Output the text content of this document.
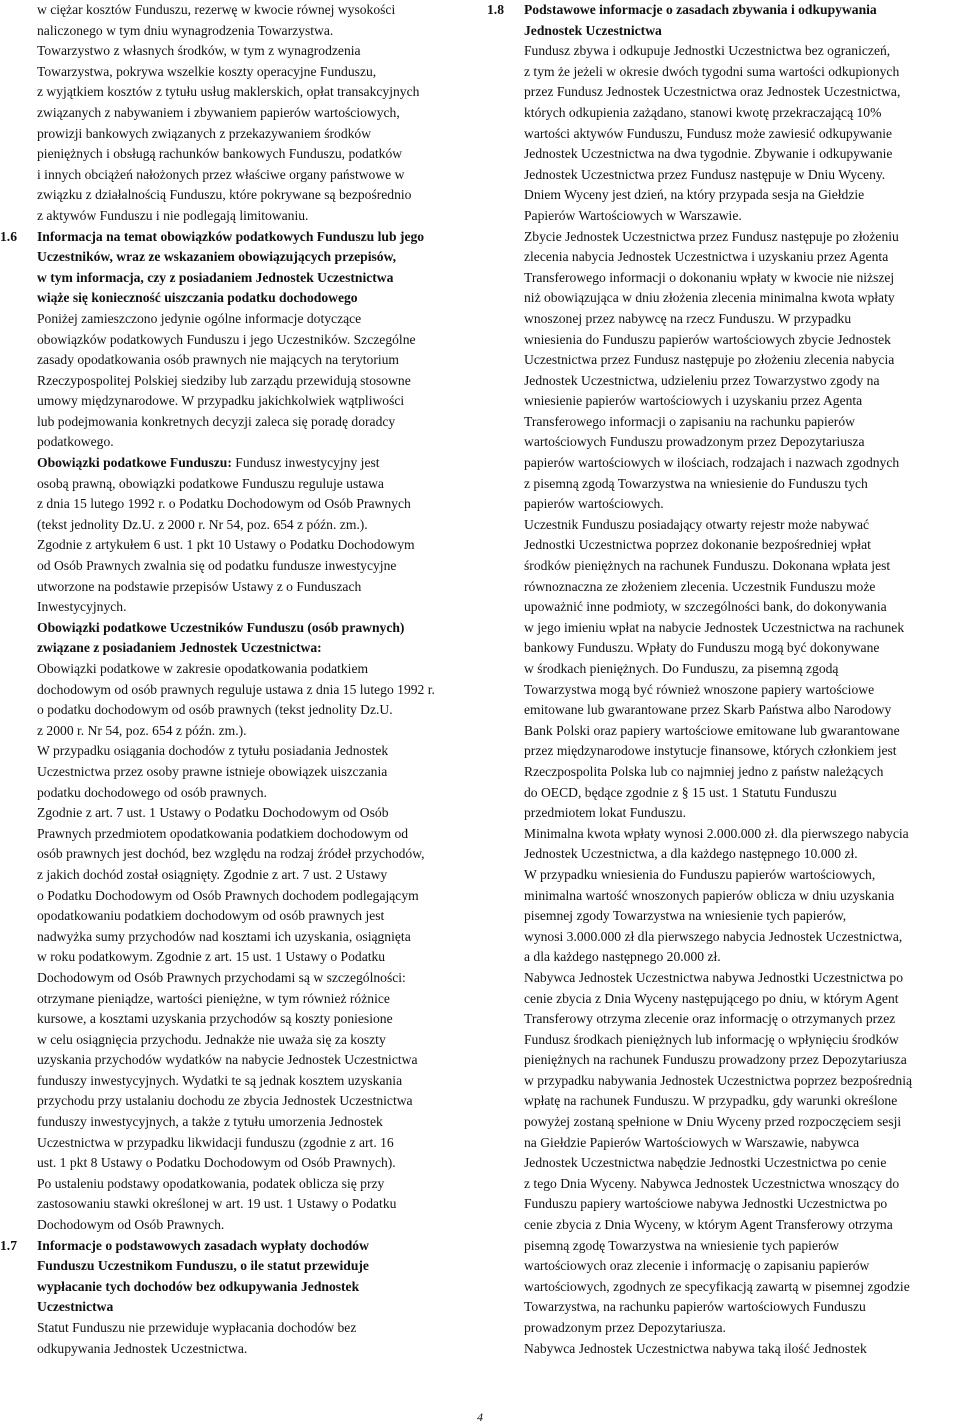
w ciężar kosztów Funduszu, rezerwę w kwocie równej wysokości
naliczonego w tym dniu wynagrodzenia Towarzystwa.
Towarzystwo z własnych środków, w tym z wynagrodzenia
Towarzystwa, pokrywa wszelkie koszty operacyjne Funduszu,
z wyjątkiem kosztów z tytułu usług maklerskich, opłat transakcyjnych
związanych z nabywaniem i zbywaniem papierów wartościowych,
prowizji bankowych związanych z przekazywaniem środków
pieniężnych i obsługą rachunków bankowych Funduszu, podatków
i innych obciążeń nałożonych przez właściwe organy państwowe w
związku z działalnością Funduszu, które pokrywane są bezpośrednio
z aktywów Funduszu i nie podlegają limitowaniu.
1.6 Informacja na temat obowiązków podatkowych Funduszu lub jego
Uczestników, wraz ze wskazaniem obowiązujących przepisów,
w tym informacja, czy z posiadaniem Jednostek Uczestnictwa
wiąże się konieczność uiszczania podatku dochodowego
Poniżej zamieszczono jedynie ogólne informacje dotyczące
obowiązków podatkowych Funduszu i jego Uczestników. Szczególne
zasady opodatkowania osób prawnych nie mających na terytorium
Rzeczypospolitej Polskiej siedziby lub zarządu przewidują stosowne
umowy międzynarodowe. W przypadku jakichkolwiek wątpliwości
lub podejmowania konkretnych decyzji zaleca się poradę doradcy
podatkowego.
Obowiązki podatkowe Funduszu: Fundusz inwestycyjny jest
osobą prawną, obowiązki podatkowe Funduszu reguluje ustawa
z dnia 15 lutego 1992 r. o Podatku Dochodowym od Osób Prawnych
(tekst jednolity Dz.U. z 2000 r. Nr 54, poz. 654 z późn. zm.).
Zgodnie z artykułem 6 ust. 1 pkt 10 Ustawy o Podatku Dochodowym
od Osób Prawnych zwalnia się od podatku fundusze inwestycyjne
utworzone na podstawie przepisów Ustawy z o Funduszach
Inwestycyjnych.
Obowiązki podatkowe Uczestników Funduszu (osób prawnych)
związane z posiadaniem Jednostek Uczestnictwa:
Obowiązki podatkowe w zakresie opodatkowania podatkiem
dochodowym od osób prawnych reguluje ustawa z dnia 15 lutego 1992 r.
o podatku dochodowym od osób prawnych (tekst jednolity Dz.U.
z 2000 r. Nr 54, poz. 654 z późn. zm.).
W przypadku osiągania dochodów z tytułu posiadania Jednostek
Uczestnictwa przez osoby prawne istnieje obowiązek uiszczania
podatku dochodowego od osób prawnych.
Zgodnie z art. 7 ust. 1 Ustawy o Podatku Dochodowym od Osób
Prawnych przedmiotem opodatkowania podatkiem dochodowym od
osób prawnych jest dochód, bez względu na rodzaj źródeł przychodów,
z jakich dochód został osiągnięty. Zgodnie z art. 7 ust. 2 Ustawy
o Podatku Dochodowym od Osób Prawnych dochodem podlegającym
opodatkowaniu podatkiem dochodowym od osób prawnych jest
nadwyżka sumy przychodów nad kosztami ich uzyskania, osiągnięta
w roku podatkowym. Zgodnie z art. 15 ust. 1 Ustawy o Podatku
Dochodowym od Osób Prawnych przychodami są w szczególności:
otrzymane pieniądze, wartości pieniężne, w tym również różnice
kursowe, a kosztami uzyskania przychodów są koszty poniesione
w celu osiągnięcia przychodu. Jednakże nie uważa się za koszty
uzyskania przychodów wydatków na nabycie Jednostek Uczestnictwa
funduszy inwestycyjnych. Wydatki te są jednak kosztem uzyskania
przychodu przy ustalaniu dochodu ze zbycia Jednostek Uczestnictwa
funduszy inwestycyjnych, a także z tytułu umorzenia Jednostek
Uczestnictwa w przypadku likwidacji funduszu (zgodnie z art. 16
ust. 1 pkt 8 Ustawy o Podatku Dochodowym od Osób Prawnych).
Po ustaleniu podstawy opodatkowania, podatek oblicza się przy
zastosowaniu stawki określonej w art. 19 ust. 1 Ustawy o Podatku
Dochodowym od Osób Prawnych.
1.7 Informacje o podstawowych zasadach wypłaty dochodów
Funduszu Uczestnikom Funduszu, o ile statut przewiduje
wypłacanie tych dochodów bez odkupywania Jednostek
Uczestnictwa
Statut Funduszu nie przewiduje wypłacania dochodów bez
odkupywania Jednostek Uczestnictwa.
1.8 Podstawowe informacje o zasadach zbywania i odkupywania
Jednostek Uczestnictwa
Fundusz zbywa i odkupuje Jednostki Uczestnictwa bez ograniczeń,
z tym że jeżeli w okresie dwóch tygodni suma wartości odkupionych
przez Fundusz Jednostek Uczestnictwa oraz Jednostek Uczestnictwa,
których odkupienia zażądano, stanowi kwotę przekraczającą 10%
wartości aktywów Funduszu, Fundusz może zawiesić odkupywanie
Jednostek Uczestnictwa na dwa tygodnie. Zbywanie i odkupywanie
Jednostek Uczestnictwa przez Fundusz następuje w Dniu Wyceny.
Dniem Wyceny jest dzień, na który przypada sesja na Giełdzie
Papierów Wartościowych w Warszawie.
Zbycie Jednostek Uczestnictwa przez Fundusz następuje po złożeniu
zlecenia nabycia Jednostek Uczestnictwa i uzyskaniu przez Agenta
Transferowego informacji o dokonaniu wpłaty w kwocie nie niższej
niż obowiązująca w dniu złożenia zlecenia minimalna kwota wpłaty
wnoszonej przez nabywcę na rzecz Funduszu. W przypadku
wniesienia do Funduszu papierów wartościowych zbycie Jednostek
Uczestnictwa przez Fundusz następuje po złożeniu zlecenia nabycia
Jednostek Uczestnictwa, udzieleniu przez Towarzystwo zgody na
wniesienie papierów wartościowych i uzyskaniu przez Agenta
Transferowego informacji o zapisaniu na rachunku papierów
wartościowych Funduszu prowadzonym przez Depozytariusza
papierów wartościowych w ilościach, rodzajach i nazwach zgodnych
z pisemną zgodą Towarzystwa na wniesienie do Funduszu tych
papierów wartościowych.
Uczestnik Funduszu posiadający otwarty rejestr może nabywać
Jednostki Uczestnictwa poprzez dokonanie bezpośredniej wpłat
środków pieniężnych na rachunek Funduszu. Dokonana wpłata jest
równoznaczna ze złożeniem zlecenia. Uczestnik Funduszu może
upoważnić inne podmioty, w szczególności bank, do dokonywania
w jego imieniu wpłat na nabycie Jednostek Uczestnictwa na rachunek
bankowy Funduszu. Wpłaty do Funduszu mogą być dokonywane
w środkach pieniężnych. Do Funduszu, za pisemną zgodą
Towarzystwa mogą być również wnoszone papiery wartościowe
emitowane lub gwarantowane przez Skarb Państwa albo Narodowy
Bank Polski oraz papiery wartościowe emitowane lub gwarantowane
przez międzynarodowe instytucje finansowe, których członkiem jest
Rzeczpospolita Polska lub co najmniej jedno z państw należących
do OECD, będące zgodnie z § 15 ust. 1 Statutu Funduszu
przedmiotem lokat Funduszu.
Minimalna kwota wpłaty wynosi 2.000.000 zł. dla pierwszego nabycia
Jednostek Uczestnictwa, a dla każdego następnego 10.000 zł.
W przypadku wniesienia do Funduszu papierów wartościowych,
minimalna wartość wnoszonych papierów oblicza w dniu uzyskania
pisemnej zgody Towarzystwa na wniesienie tych papierów,
wynosi 3.000.000 zł dla pierwszego nabycia Jednostek Uczestnictwa,
a dla każdego następnego 20.000 zł.
Nabywca Jednostek Uczestnictwa nabywa Jednostki Uczestnictwa po
cenie zbycia z Dnia Wyceny następującego po dniu, w którym Agent
Transferowy otrzyma zlecenie oraz informację o otrzymanych przez
Fundusz środkach pieniężnych lub informację o wpłynięciu środków
pieniężnych na rachunek Funduszu prowadzony przez Depozytariusza
w przypadku nabywania Jednostek Uczestnictwa poprzez bezpośrednią
wpłatę na rachunek Funduszu. W przypadku, gdy warunki określone
powyżej zostaną spełnione w Dniu Wyceny przed rozpoczęciem sesji
na Giełdzie Papierów Wartościowych w Warszawie, nabywca
Jednostek Uczestnictwa nabędzie Jednostki Uczestnictwa po cenie
z tego Dnia Wyceny. Nabywca Jednostek Uczestnictwa wnoszący do
Funduszu papiery wartościowe nabywa Jednostki Uczestnictwa po
cenie zbycia z Dnia Wyceny, w którym Agent Transferowy otrzyma
pisemną zgodę Towarzystwa na wniesienie tych papierów
wartościowych oraz zlecenie i informację o zapisaniu papierów
wartościowych, zgodnych ze specyfikacją zawartą w pisemnej zgodzie
Towarzystwa, na rachunku papierów wartościowych Funduszu
prowadzonym przez Depozytariusza.
Nabywca Jednostek Uczestnictwa nabywa taką ilość Jednostek
4
